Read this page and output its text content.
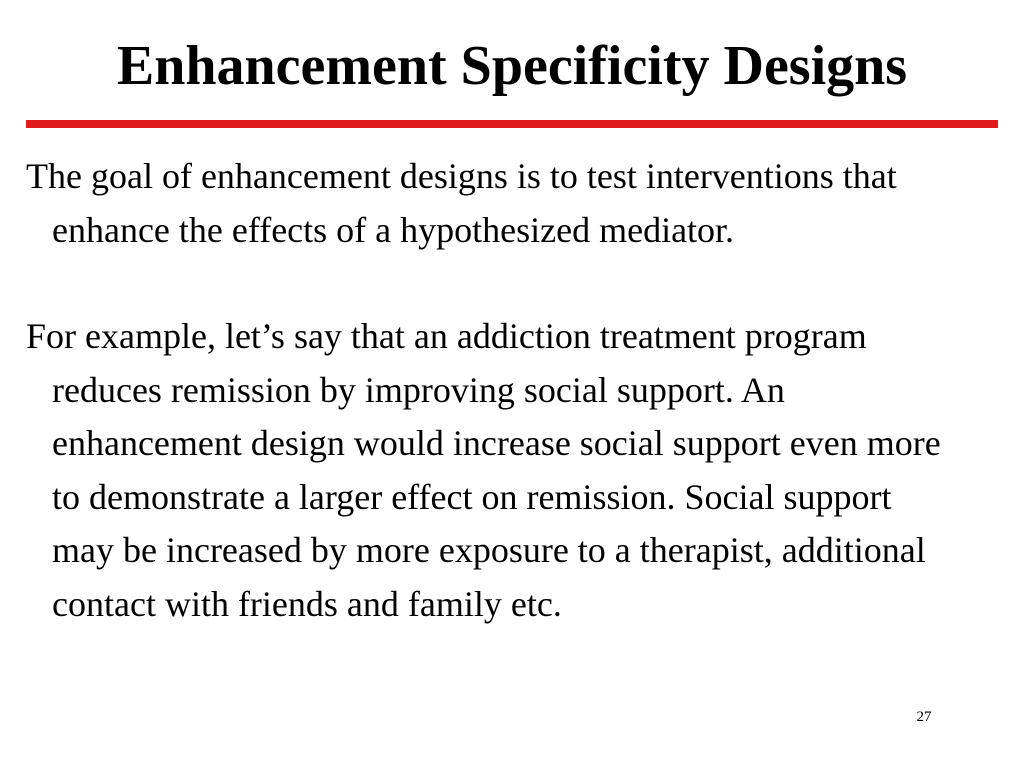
Enhancement Specificity Designs

The goal of enhancement designs is to test interventions that enhance the effects of a hypothesized mediator.

For example, let’s say that an addiction treatment program reduces remission by improving social support. An enhancement design would increase social support even more to demonstrate a larger effect on remission. Social support may be increased by more exposure to a therapist, additional contact with friends and family etc.

27
